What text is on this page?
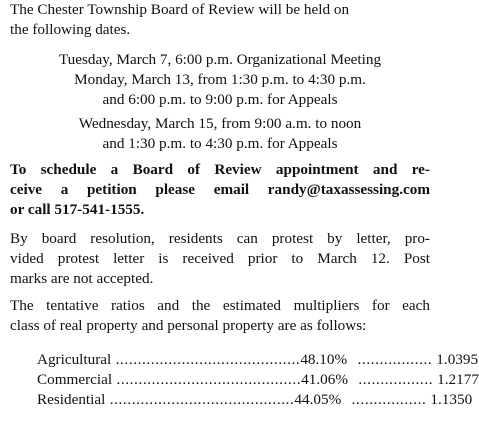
The Chester Township Board of Review will be held on
the following dates.
Tuesday, March 7, 6:00 p.m. Organizational Meeting
Monday, March 13, from 1:30 p.m. to 4:30 p.m.
and 6:00 p.m. to 9:00 p.m. for Appeals
Wednesday, March 15, from 9:00 a.m. to noon
and 1:30 p.m. to 4:30 p.m. for Appeals
To schedule a Board of Review appointment and re-
ceive a petition please email randy@taxassessing.com
or call 517-541-1555.
By board resolution, residents can protest by letter, pro-
vided protest letter is received prior to March 12. Post
marks are not accepted.
The tentative ratios and the estimated multipliers for each
class of real property and personal property are as follows:
Agricultural .......................................... 48.10% ................. 1.0395
Commercial .......................................... 41.06% ................. 1.2177
Residential .......................................... 44.05% ................. 1.1350
